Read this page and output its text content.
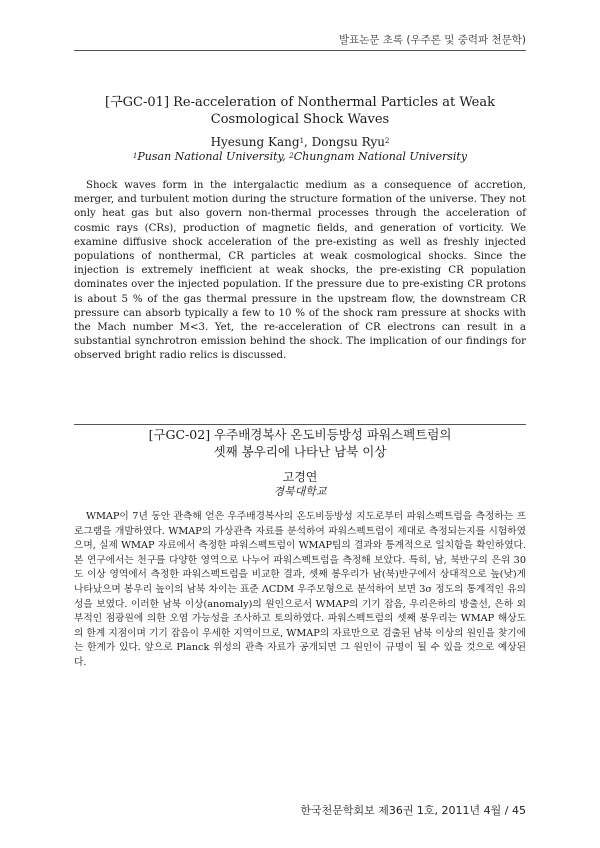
발표논문 초록 (우주론 및 중력파 천문학)
[구GC-01] Re-acceleration of Nonthermal Particles at Weak
Cosmological Shock Waves
Hyesung Kang$^1$, Dongsu Ryu$^2$
$^1$Pusan National University, $^2$Chungnam National University

Shock waves form in the intergalactic medium as a consequence of accretion, merger, and turbulent motion during the structure formation of the universe. They not only heat gas but also govern non-thermal processes through the acceleration of cosmic rays (CRs), production of magnetic fields, and generation of vorticity. We examine diffusive shock acceleration of the pre-existing as well as freshly injected populations of nonthermal, CR particles at weak cosmological shocks. Since the injection is extremely inefficient at weak shocks, the pre-existing CR population dominates over the injected population. If the pressure due to pre-existing CR protons is about 5 % of the gas thermal pressure in the upstream flow, the downstream CR pressure can absorb typically a few to 10 % of the shock ram pressure at shocks with the Mach number M<3. Yet, the re-acceleration of CR electrons can result in a substantial synchrotron emission behind the shock. The implication of our findings for observed bright radio relics is discussed.

[구GC-02] 우주배경복사 온도비등방성 파워스펙트럼의
셋째 봉우리에 나타난 남북 이상
고경연
경북대학교

WMAP이 7년 동안 관측해 얻은 우주배경복사의 온도비등방성 지도로부터 파워스펙트럼을 측정하는 프로그램을 개발하였다. WMAP의 가상관측 자료를 분석하여 파워스펙트럼이 제대로 측정되는지를 시험하였으며, 실제 WMAP 자료에서 측정한 파워스펙트럼이 WMAP팀의 결과와 통계적으로 일치함을 확인하였다. 본 연구에서는 천구를 다양한 영역으로 나누어 파워스펙트럼을 측정해 보았다. 특히, 남, 북반구의 은위 30도 이상 영역에서 측정한 파워스펙트럼을 비교한 결과, 셋째 봉우리가 남(북)반구에서 상대적으로 높(낮)게 나타났으며 봉우리 높이의 남북 차이는 표준 ΛCDM 우주모형으로 분석하여 보면 3σ 정도의 통계적인 유의성을 보였다. 이러한 남북 이상(anomaly)의 원인으로서 WMAP의 기기 잡음, 우리은하의 방출선, 은하 외부적인 점광원에 의한 오염 가능성을 조사하고 토의하였다. 파워스펙트럼의 셋째 봉우리는 WMAP 해상도의 한계 지점이며 기기 잡음이 우세한 지역이므로, WMAP의 자료만으로 검출된 남북 이상의 원인을 찾기에는 한계가 있다. 앞으로 Planck 위성의 관측 자료가 공개되면 그 원인이 규명이 될 수 있을 것으로 예상된다.

한국천문학회보 제36권 1호, 2011년 4월 / 45
